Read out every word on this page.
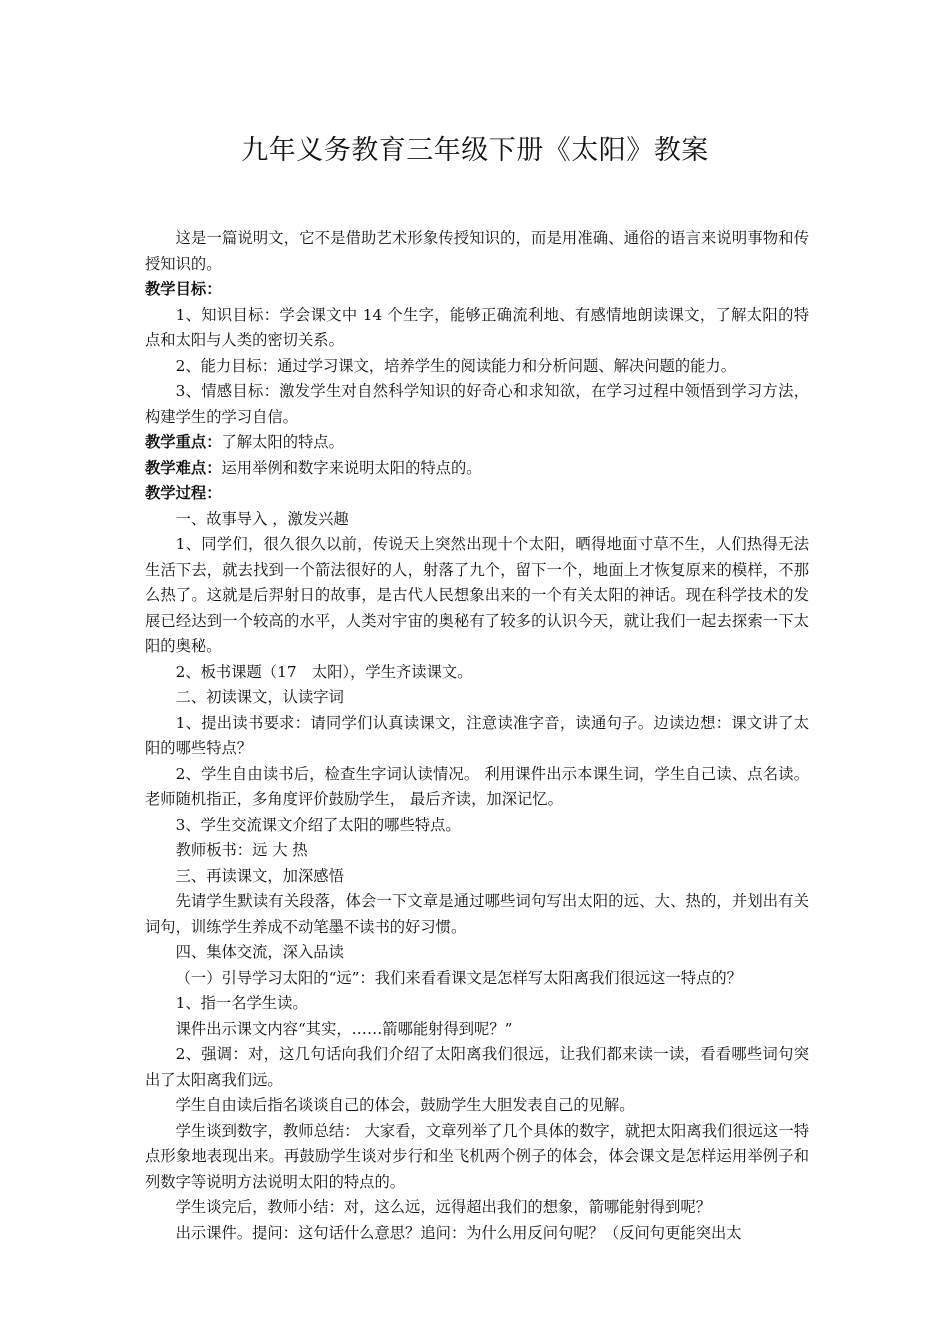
九年义务教育三年级下册《太阳》教案

这是一篇说明文，它不是借助艺术形象传授知识的，而是用准确、通俗的语言来说明事物和传授知识的。

教学目标：

1、知识目标：学会课文中 14 个生字，能够正确流利地、有感情地朗读课文，了解太阳的特点和太阳与人类的密切关系。

2、能力目标：通过学习课文，培养学生的阅读能力和分析问题、解决问题的能力。

3、情感目标：激发学生对自然科学知识的好奇心和求知欲，在学习过程中领悟到学习方法，构建学生的学习自信。

教学重点：了解太阳的特点。

教学难点：运用举例和数字来说明太阳的特点的。

教学过程：

一、故事导入 ，激发兴趣

1、同学们，很久很久以前，传说天上突然出现十个太阳，晒得地面寸草不生，人们热得无法生活下去，就去找到一个箭法很好的人，射落了九个，留下一个，地面上才恢复原来的模样，不那么热了。这就是后羿射日的故事，是古代人民想象出来的一个有关太阳的神话。现在科学技术的发展已经达到一个较高的水平，人类对宇宙的奥秘有了较多的认识今天，就让我们一起去探索一下太阳的奥秘。

2、板书课题（17　太阳），学生齐读课文。

二、初读课文，认读字词

1、提出读书要求：请同学们认真读课文，注意读准字音，读通句子。边读边想：课文讲了太阳的哪些特点？

2、学生自由读书后，检查生字词认读情况。 利用课件出示本课生词，学生自己读、点名读。老师随机指正，多角度评价鼓励学生， 最后齐读，加深记忆。

3、学生交流课文介绍了太阳的哪些特点。

教师板书：远 大 热

三、再读课文，加深感悟

先请学生默读有关段落，体会一下文章是通过哪些词句写出太阳的远、大、热的，并划出有关词句，训练学生养成不动笔墨不读书的好习惯。

四、集体交流，深入品读

（一）引导学习太阳的“远”：我们来看看课文是怎样写太阳离我们很远这一特点的？

1、指一名学生读。

课件出示课文内容“其实，……箭哪能射得到呢？”

2、强调：对，这几句话向我们介绍了太阳离我们很远，让我们都来读一读，看看哪些词句突出了太阳离我们远。

学生自由读后指名谈谈自己的体会，鼓励学生大胆发表自己的见解。

学生谈到数字，教师总结： 大家看，文章列举了几个具体的数字，就把太阳离我们很远这一特点形象地表现出来。再鼓励学生谈对步行和坐飞机两个例子的体会，体会课文是怎样运用举例子和列数字等说明方法说明太阳的特点的。

学生谈完后，教师小结：对，这么远，远得超出我们的想象，箭哪能射得到呢？

出示课件。提问：这句话什么意思？追问：为什么用反问句呢？（反问句更能突出太
